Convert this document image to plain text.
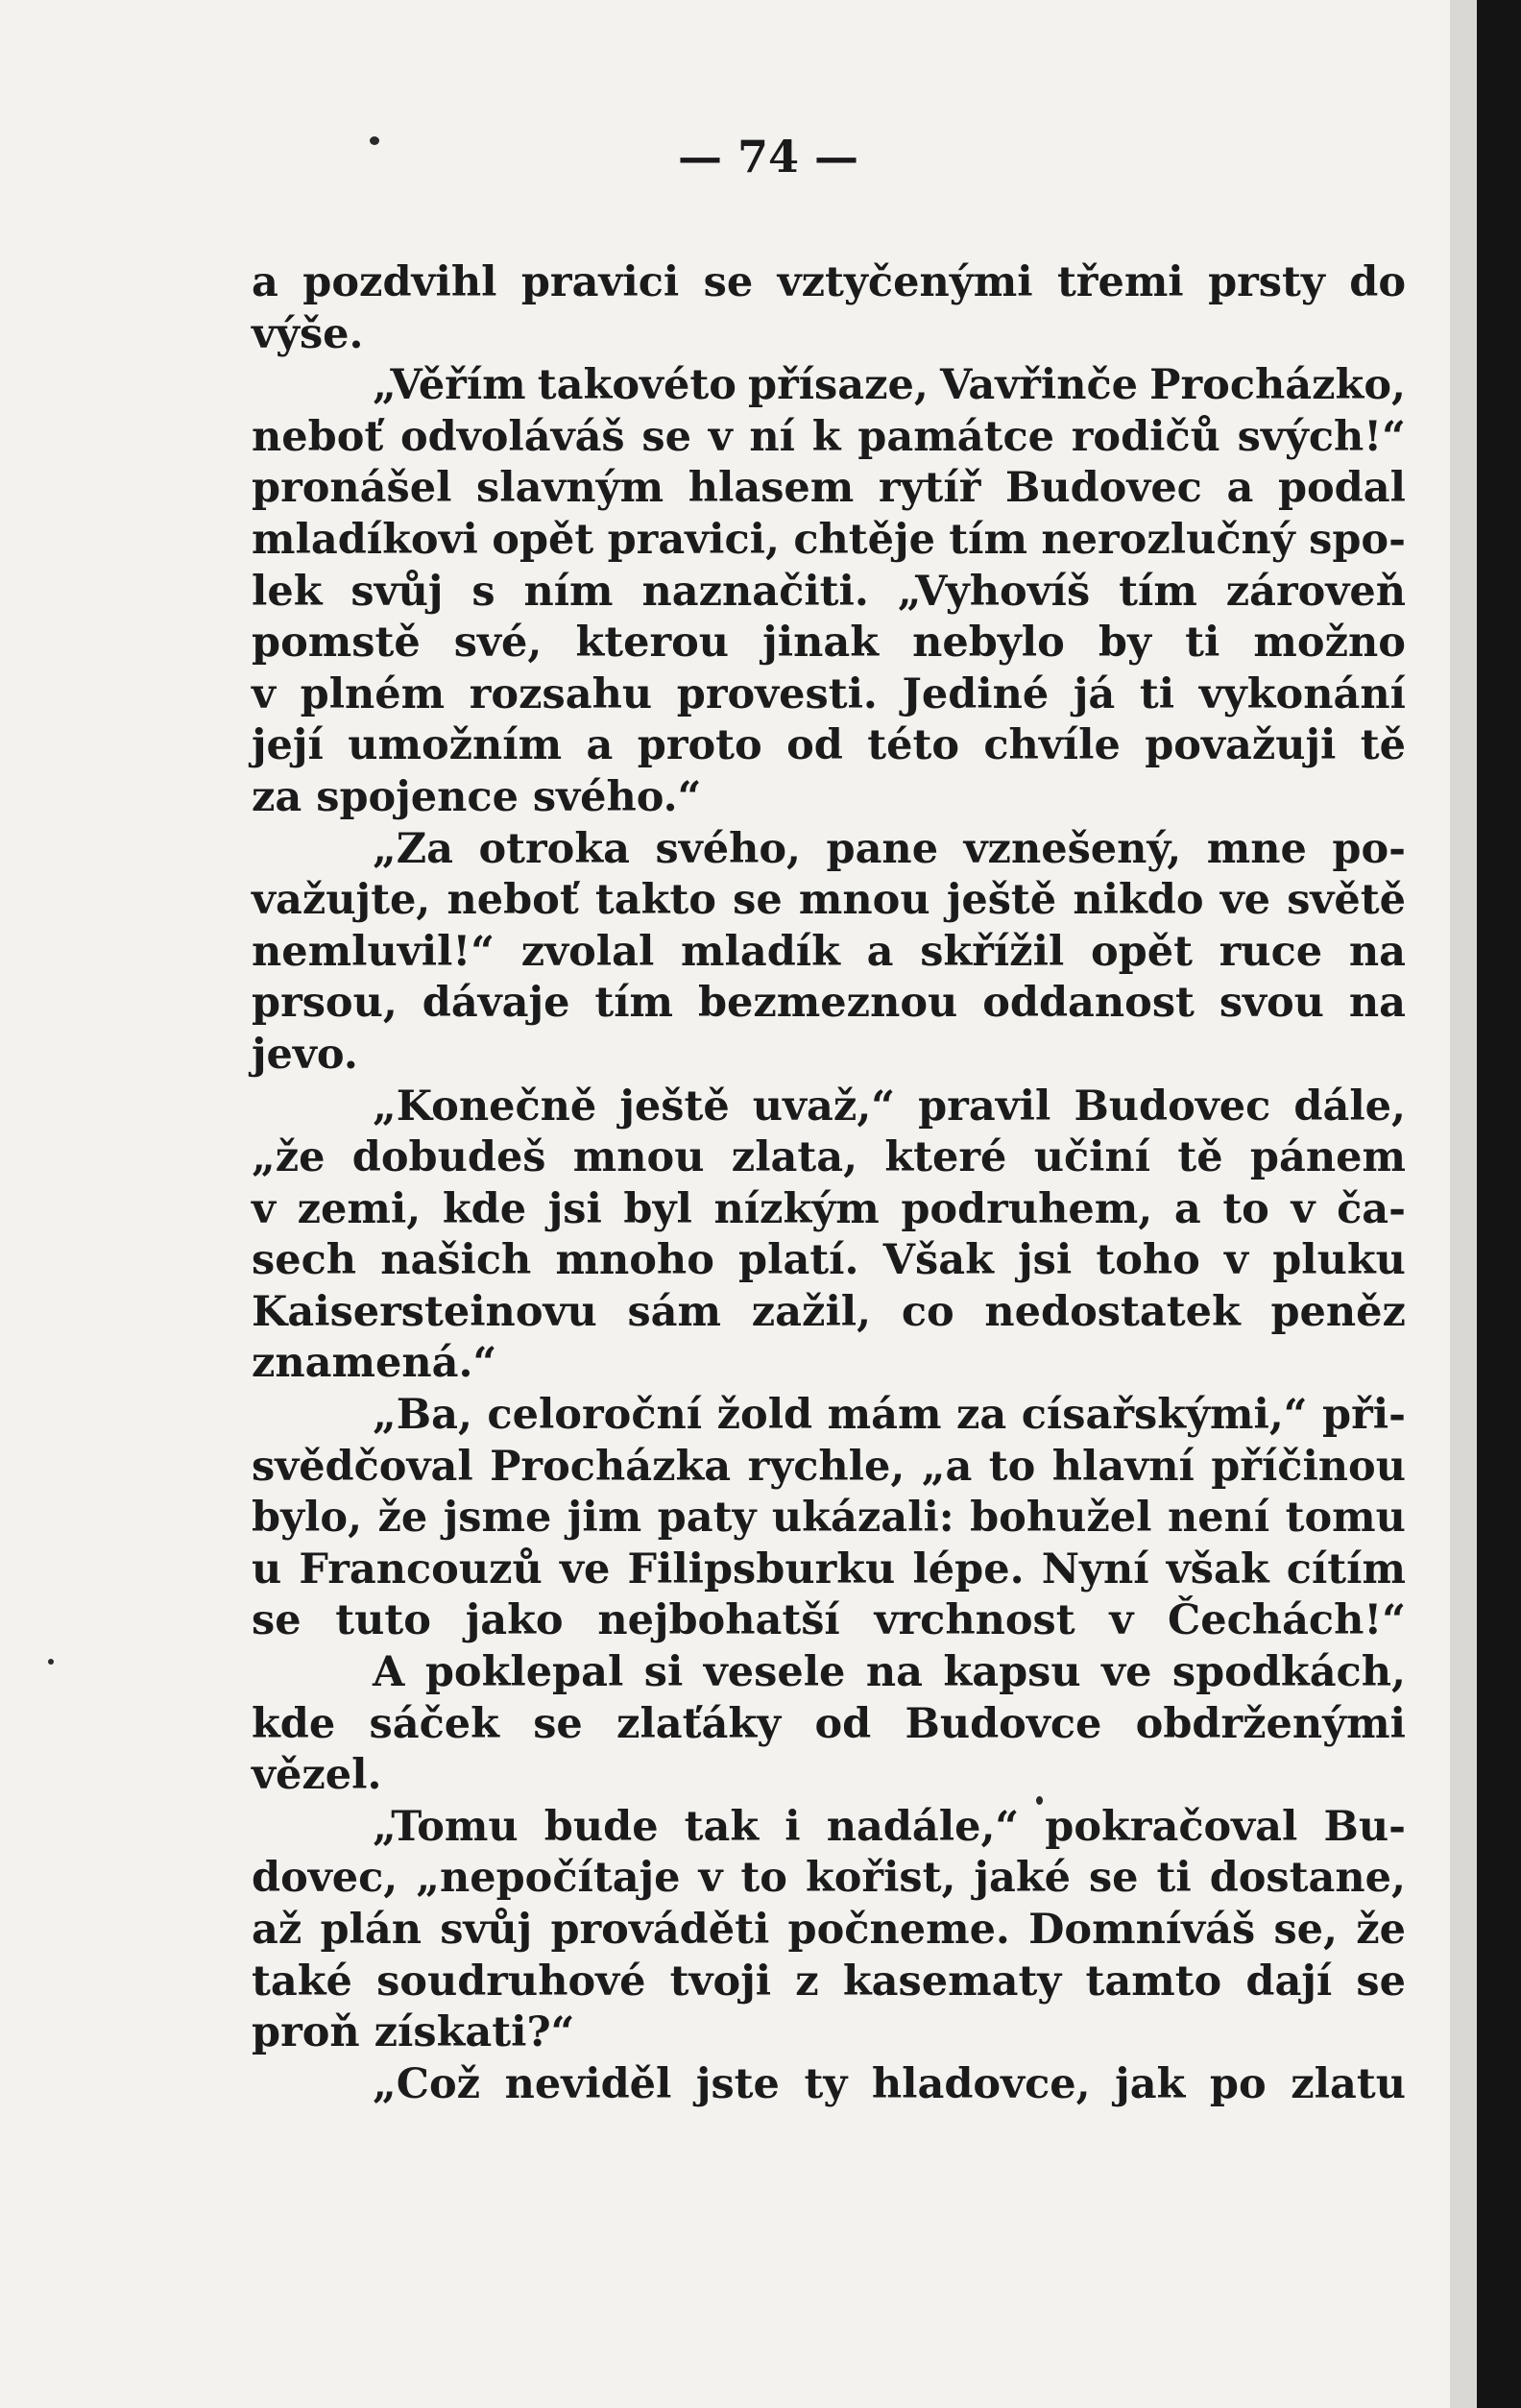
— 74 —
a pozdvihl pravici se vztyčenými třemi prsty do
výše.
„Věřím takovéto přísaze, Vavřinče Procházko,
neboť odvoláváš se v ní k památce rodičů svých!“
pronášel slavným hlasem rytíř Budovec a podal
mladíkovi opět pravici, chtěje tím nerozlučný spo-
lek svůj s ním naznačiti. „Vyhovíš tím zároveň
pomstě své, kterou jinak nebylo by ti možno
v plném rozsahu provesti. Jediné já ti vykonání
její umožním a proto od této chvíle považuji tě
za spojence svého.“
„Za otroka svého, pane vznešený, mne po-
važujte, neboť takto se mnou ještě nikdo ve světě
nemluvil!“ zvolal mladík a skřížil opět ruce na
prsou, dávaje tím bezmeznou oddanost svou na
jevo.
„Konečně ještě uvaž,“ pravil Budovec dále,
„že dobudeš mnou zlata, které učiní tě pánem
v zemi, kde jsi byl nízkým podruhem, a to v ča-
sech našich mnoho platí. Však jsi toho v pluku
Kaisersteinovu sám zažil, co nedostatek peněz
znamená.“
„Ba, celoroční žold mám za císařskými,“ při-
svědčoval Procházka rychle, „a to hlavní příčinou
bylo, že jsme jim paty ukázali: bohužel není tomu
u Francouzů ve Filipsburku lépe. Nyní však cítím
se tuto jako nejbohatší vrchnost v Čechách!“
A poklepal si vesele na kapsu ve spodkách,
kde sáček se zlaťáky od Budovce obdrženými
vězel.
„Tomu bude tak i nadále,“ pokračoval Bu-
dovec, „nepočítaje v to kořist, jaké se ti dostane,
až plán svůj prováděti počneme. Domníváš se, že
také soudruhové tvoji z kasematy tamto dají se
proň získati?“
„Což neviděl jste ty hladovce, jak po zlatu
